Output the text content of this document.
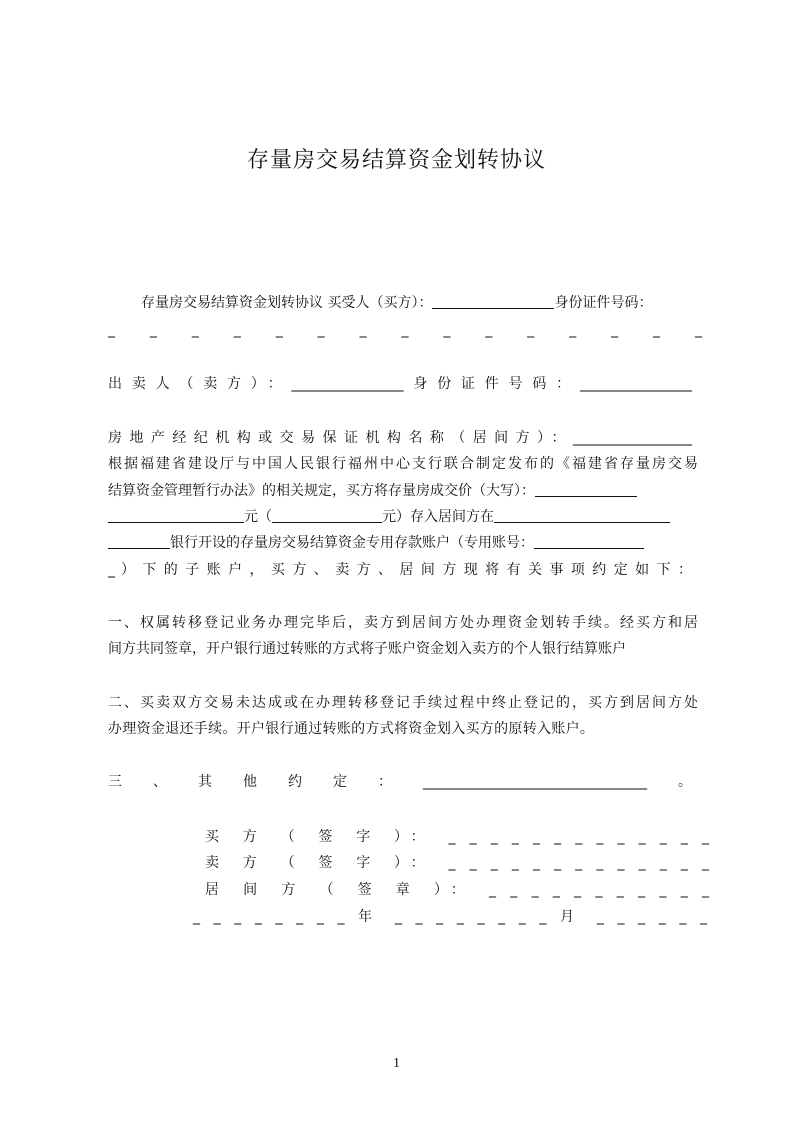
存量房交易结算资金划转协议
存量房交易结算资金划转协议 买受人（买方）：	身份证件号码：
_ _ _ _ _ _ _ _ _ _ _ _ _ _ _
出卖人（卖方）：________________身份证件号码：________________
房地产经纪机构或交易保证机构名称（居间方）：_________________
根据福建省建设厅与中国人民银行福州中心支行联合制定发布的《福建省存量房交易
结算资金管理暂行办法》的相关规定，买方将存量房成交价（大写）：
元（	元）存入居间方在
银行开设的存量房交易结算资金专用存款账户（专用账号：
_ ） 下 的 子 账 户 ， 买 方 、 卖 方 、 居 间 方 现 将 有 关 事 项 约 定 如 下 ：
一、权属转移登记业务办理完毕后，卖方到居间方处办理资金划转手续。经买方和居
间方共同签章，开户银行通过转账的方式将子账户资金划入卖方的个人银行结算账户
二、买卖双方交易未达成或在办理转移登记手续过程中终止登记的，买方到居间方处
办理资金退还手续。开户银行通过转账的方式将资金划入买方的原转入账户。
三、其他约定：________________________________。
买 方 （ 签 字 ）： _ _ _ _ _ _ _ _ _ _ _ _ _
卖 方 （ 签 字 ）： _ _ _ _ _ _ _ _ _ _ _ _ _
居 间 方 （ 签 章 ）： _ _ _ _ _ _ _ _ _ _ _
_ _ _ _ _ _ _ _ 年 _ _ _ _ _ _ _ _ 月 _ _ _ _ _ _
1
